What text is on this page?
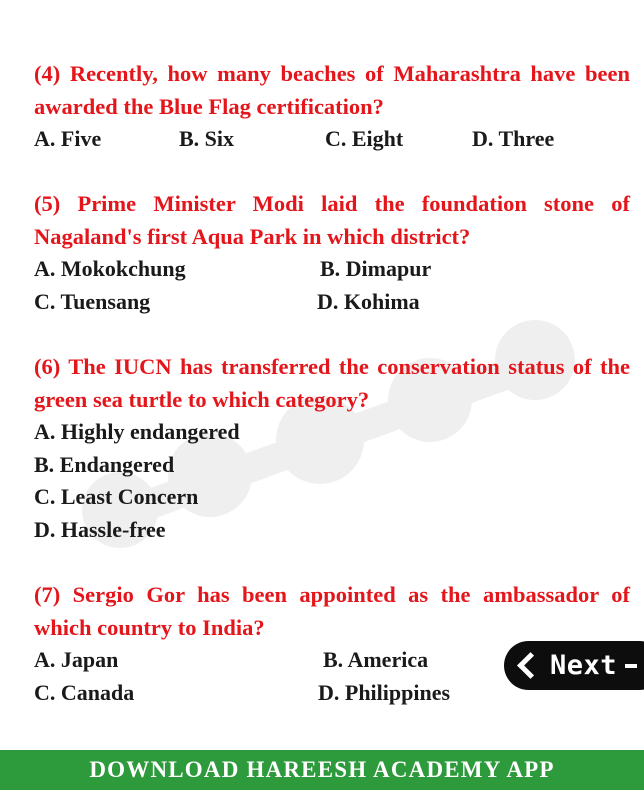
(4) Recently, how many beaches of Maharashtra have been awarded the Blue Flag certification?
A. Five	B. Six	C. Eight	D. Three
(5) Prime Minister Modi laid the foundation stone of Nagaland's first Aqua Park in which district?
A. Mokokchung	B. Dimapur
C. Tuensang	D. Kohima
(6) The IUCN has transferred the conservation status of the green sea turtle to which category?
A. Highly endangered
B. Endangered
C. Least Concern
D. Hassle-free
(7) Sergio Gor has been appointed as the ambassador of which country to India?
A. Japan	B. America
C. Canada	D. Philippines
Next
DOWNLOAD HAREESH ACADEMY APP
